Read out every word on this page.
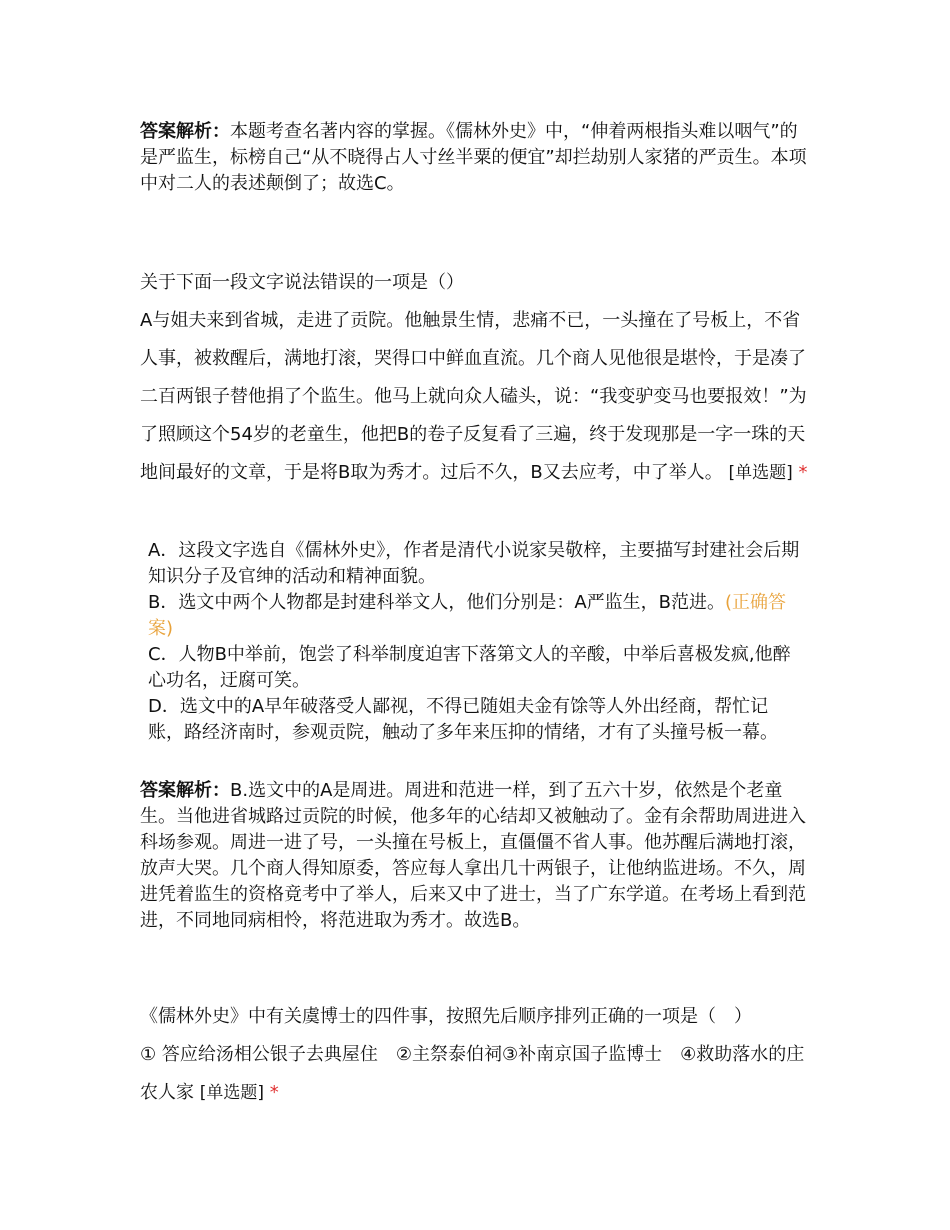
答案解析：本题考查名著内容的掌握。《儒林外史》中，“伸着两根指头难以咽气”的是严监生，标榜自己“从不晓得占人寸丝半粟的便宜”却拦劫别人家猪的严贡生。本项中对二人的表述颠倒了；故选C。

关于下面一段文字说法错误的一项是（）

A与姐夫来到省城，走进了贡院。他触景生情，悲痛不已，一头撞在了号板上，不省人事，被救醒后，满地打滚，哭得口中鲜血直流。几个商人见他很是堪怜，于是凑了二百两银子替他捐了个监生。他马上就向众人磕头，说：“我变驴变马也要报效！”为了照顾这个54岁的老童生，他把B的卷子反复看了三遍，终于发现那是一字一珠的天地间最好的文章，于是将B取为秀才。过后不久，B又去应考，中了举人。 [单选题] *

A．这段文字选自《儒林外史》，作者是清代小说家吴敬梓，主要描写封建社会后期知识分子及官绅的活动和精神面貌。

B．选文中两个人物都是封建科举文人，他们分别是：A严监生，B范进。(正确答案)

C．人物B中举前，饱尝了科举制度迫害下落第文人的辛酸，中举后喜极发疯,他醉心功名，迂腐可笑。

D．选文中的A早年破落受人鄙视，不得已随姐夫金有馀等人外出经商，帮忙记账，路经济南时，参观贡院，触动了多年来压抑的情绪，才有了头撞号板一幕。

答案解析：B.选文中的A是周进。周进和范进一样，到了五六十岁，依然是个老童生。当他进省城路过贡院的时候，他多年的心结却又被触动了。金有余帮助周进进入科场参观。周进一进了号，一头撞在号板上，直僵僵不省人事。他苏醒后满地打滚，放声大哭。几个商人得知原委，答应每人拿出几十两银子，让他纳监进场。不久，周进凭着监生的资格竟考中了举人，后来又中了进士，当了广东学道。在考场上看到范进，不同地同病相怜，将范进取为秀才。故选B。

《儒林外史》中有关虞博士的四件事，按照先后顺序排列正确的一项是（　）

① 答应给汤相公银子去典屋住　②主祭泰伯祠③补南京国子监博士　④救助落水的庄农人家 [单选题] *
